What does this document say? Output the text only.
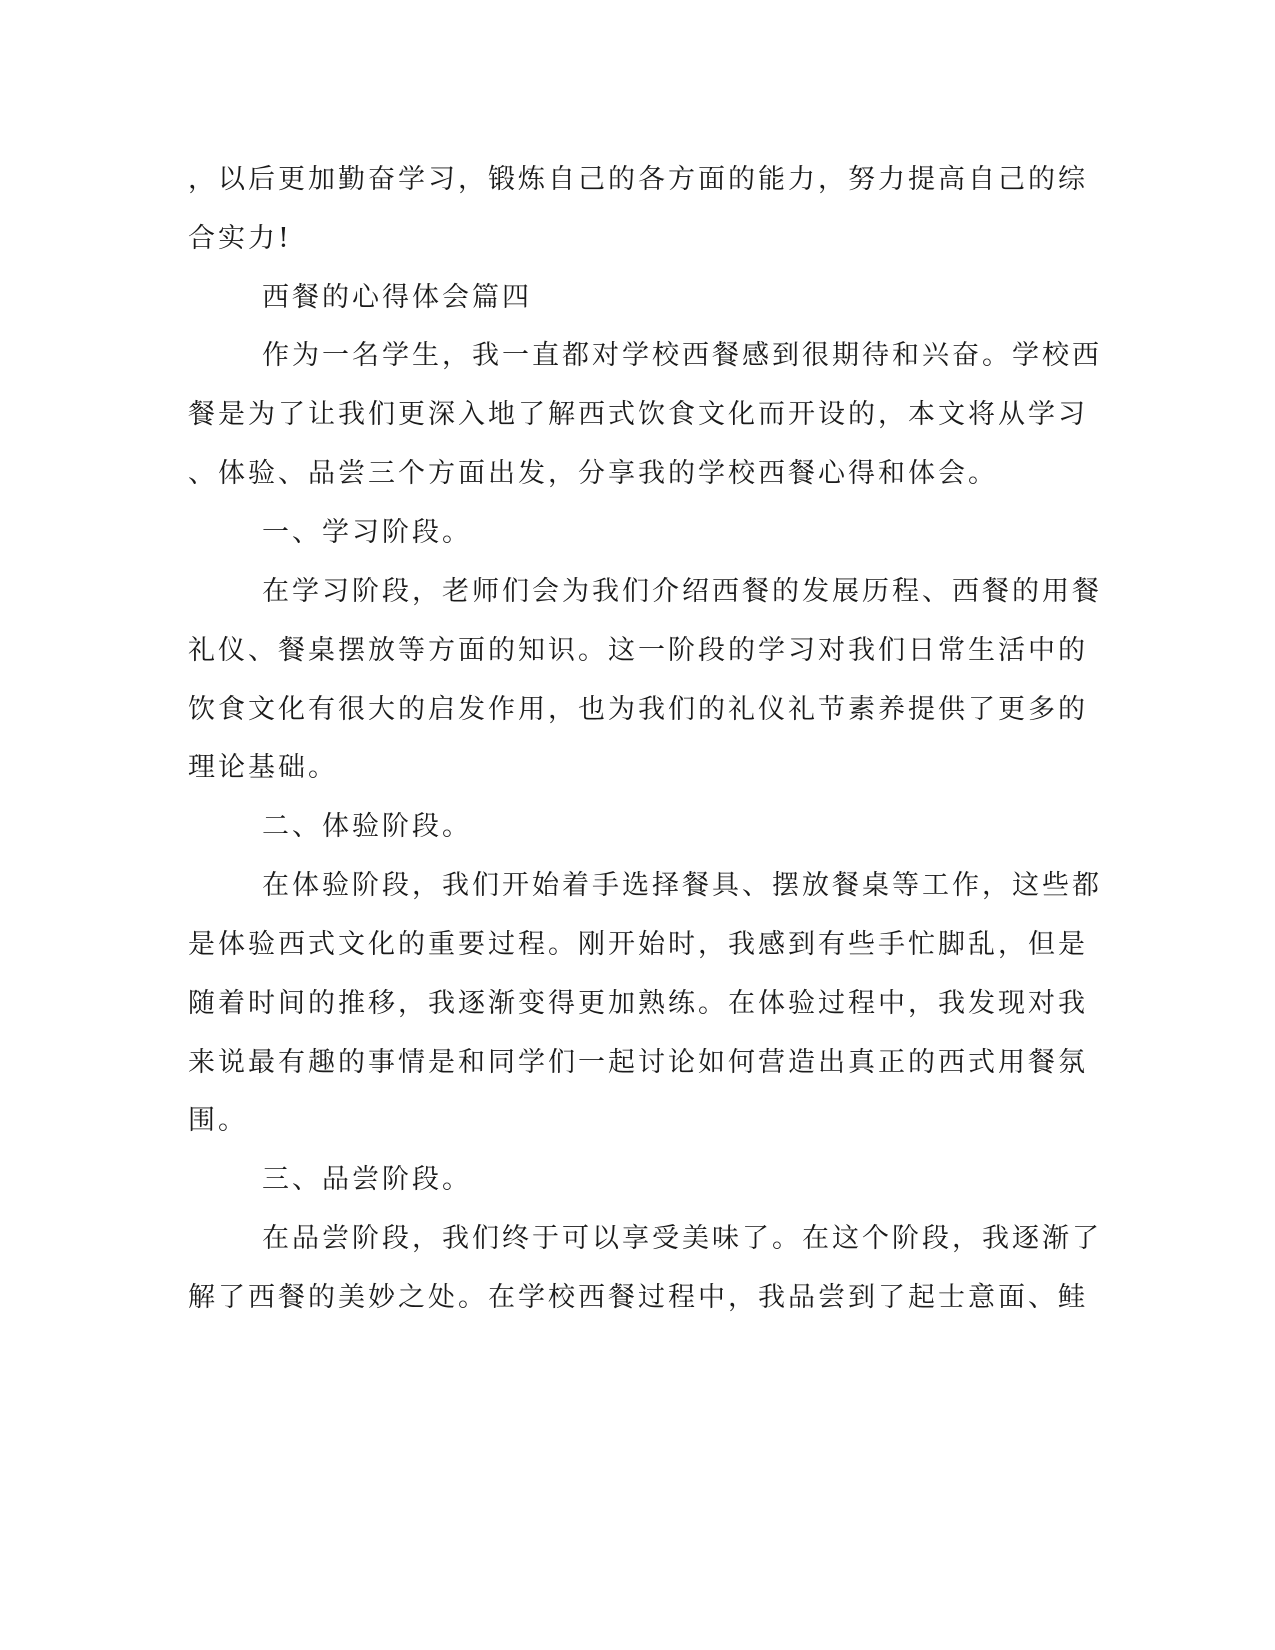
，以后更加勤奋学习，锻炼自己的各方面的能力，努力提高自己的综
合实力!
西餐的心得体会篇四
作为一名学生，我一直都对学校西餐感到很期待和兴奋。学校西
餐是为了让我们更深入地了解西式饮食文化而开设的，本文将从学习
、体验、品尝三个方面出发，分享我的学校西餐心得和体会。
一、学习阶段。
在学习阶段，老师们会为我们介绍西餐的发展历程、西餐的用餐
礼仪、餐桌摆放等方面的知识。这一阶段的学习对我们日常生活中的
饮食文化有很大的启发作用，也为我们的礼仪礼节素养提供了更多的
理论基础。
二、体验阶段。
在体验阶段，我们开始着手选择餐具、摆放餐桌等工作，这些都
是体验西式文化的重要过程。刚开始时，我感到有些手忙脚乱，但是
随着时间的推移，我逐渐变得更加熟练。在体验过程中，我发现对我
来说最有趣的事情是和同学们一起讨论如何营造出真正的西式用餐氛
围。
三、品尝阶段。
在品尝阶段，我们终于可以享受美味了。在这个阶段，我逐渐了
解了西餐的美妙之处。在学校西餐过程中，我品尝到了起士意面、鲑
